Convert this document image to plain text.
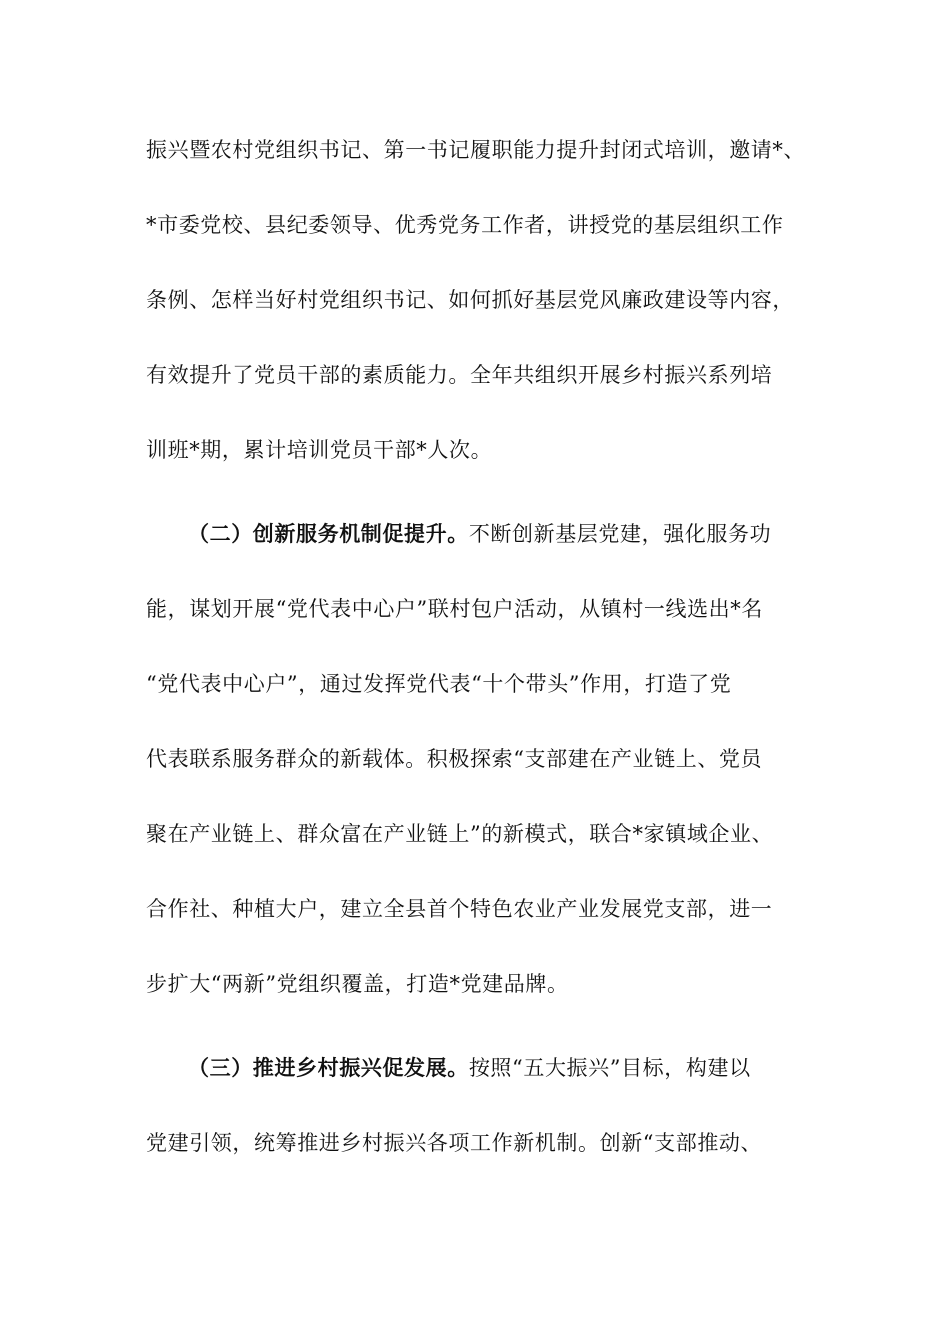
振兴暨农村党组织书记、第一书记履职能力提升封闭式培训，邀请*、
*市委党校、县纪委领导、优秀党务工作者，讲授党的基层组织工作
条例、怎样当好村党组织书记、如何抓好基层党风廉政建设等内容，
有效提升了党员干部的素质能力。全年共组织开展乡村振兴系列培
训班*期，累计培训党员干部*人次。
（二）创新服务机制促提升。不断创新基层党建，强化服务功
能，谋划开展“党代表中心户”联村包户活动，从镇村一线选出*名
“党代表中心户”，通过发挥党代表“十个带头”作用，打造了党
代表联系服务群众的新载体。积极探索“支部建在产业链上、党员
聚在产业链上、群众富在产业链上”的新模式，联合*家镇域企业、
合作社、种植大户，建立全县首个特色农业产业发展党支部，进一
步扩大“两新”党组织覆盖，打造*党建品牌。
（三）推进乡村振兴促发展。按照“五大振兴”目标，构建以
党建引领，统筹推进乡村振兴各项工作新机制。创新“支部推动、
